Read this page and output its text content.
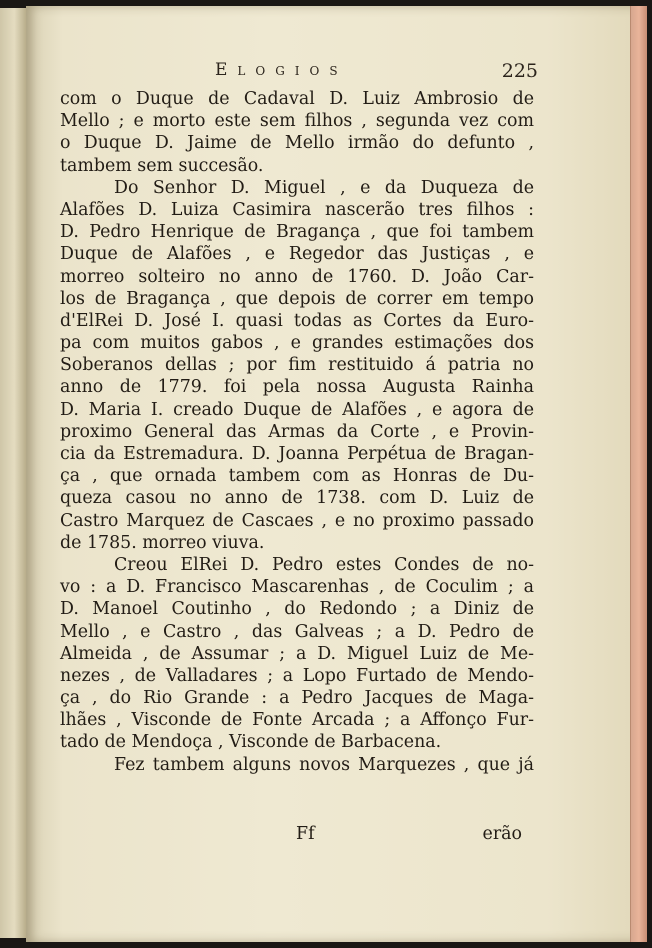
Elogios	225
com o Duque de Cadaval D. Luiz Ambrosio de
Mello ; e morto este sem filhos , segunda vez com
o Duque D. Jaime de Mello irmão do defunto ,
tambem sem succesão.
Do Senhor D. Miguel , e da Duqueza de
Alafões D. Luiza Casimira nascerão tres filhos :
D. Pedro Henrique de Bragança , que foi tambem
Duque de Alafões , e Regedor das Justiças , e
morreo solteiro no anno de 1760. D. João Car-
los de Bragança , que depois de correr em tempo
d'ElRei D. José I. quasi todas as Cortes da Euro-
pa com muitos gabos , e grandes estimações dos
Soberanos dellas ; por fim restituido á patria no
anno de 1779. foi pela nossa Augusta Rainha
D. Maria I. creado Duque de Alafões , e agora de
proximo General das Armas da Corte , e Provin-
cia da Estremadura. D. Joanna Perpétua de Bragan-
ça , que ornada tambem com as Honras de Du-
queza casou no anno de 1738. com D. Luiz de
Castro Marquez de Cascaes , e no proximo passado
de 1785. morreo viuva.
Creou ElRei D. Pedro estes Condes de no-
vo : a D. Francisco Mascarenhas , de Coculim ; a
D. Manoel Coutinho , do Redondo ; a Diniz de
Mello , e Castro , das Galveas ; a D. Pedro de
Almeida , de Assumar ; a D. Miguel Luiz de Me-
nezes , de Valladares ; a Lopo Furtado de Mendo-
ça , do Rio Grande : a Pedro Jacques de Maga-
lhães , Visconde de Fonte Arcada ; a Affonço Fur-
tado de Mendoça , Visconde de Barbacena.
Fez tambem alguns novos Marquezes , que já
Ff	erão
